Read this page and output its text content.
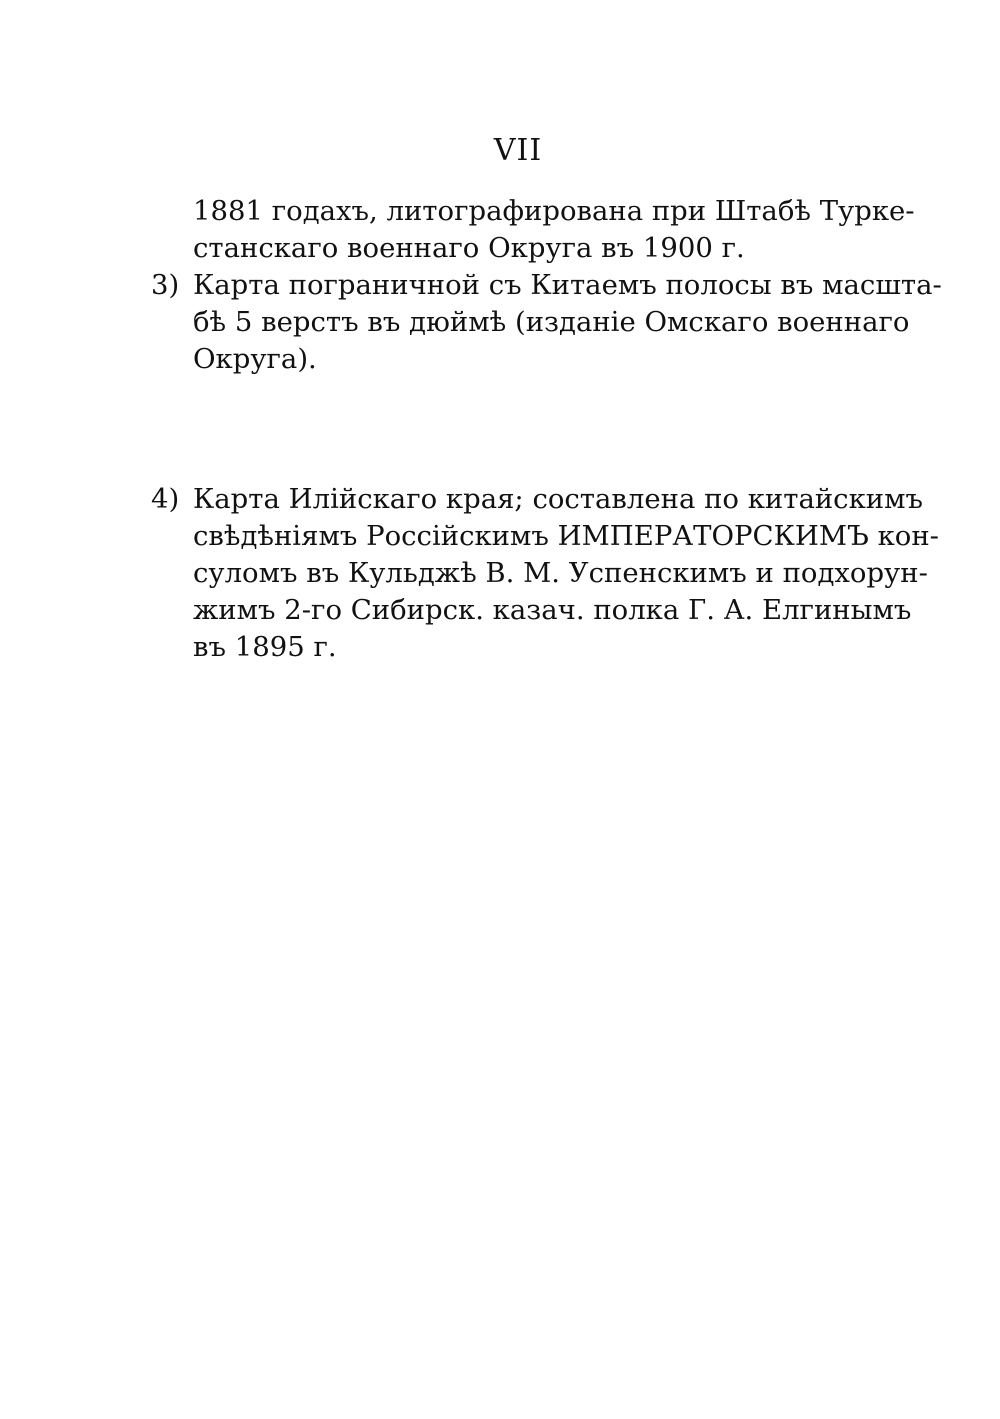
VII
1881 годахъ, литографирована при Штабѣ Турке-
станскаго военнаго Округа въ 1900 г.
3) Карта пограничной съ Китаемъ полосы въ масшта-
бѣ 5 верстъ въ дюймѣ (изданіе Омскаго военнаго
Округа).
4) Карта Илійскаго края; составлена по китайскимъ
свѣдѣніямъ Россійскимъ ИМПЕРАТОРСКИМЪ кон-
суломъ въ Кульджѣ В. М. Успенскимъ и подхорун-
жимъ 2-го Сибирск. казач. полка Г. А. Елгинымъ
въ 1895 г.
